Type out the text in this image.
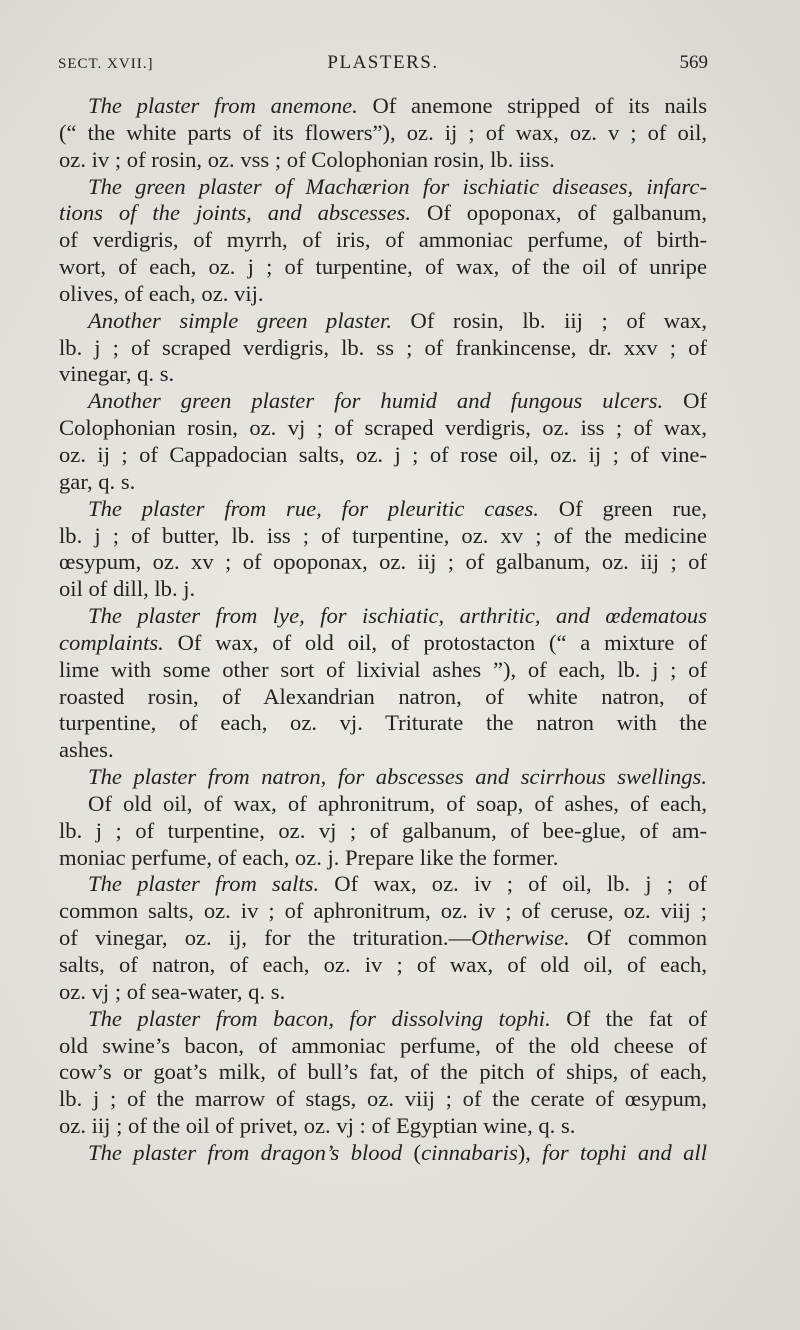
SECT. XVII.]	PLASTERS.	569
The plaster from anemone. Of anemone stripped of its nails
(“ the white parts of its flowers”), oz. ij ; of wax, oz. v ; of oil,
oz. iv ; of rosin, oz. vss ; of Colophonian rosin, lb. iiss.
The green plaster of Machærion for ischiatic diseases, infarc-
tions of the joints, and abscesses. Of opoponax, of galbanum,
of verdigris, of myrrh, of iris, of ammoniac perfume, of birth-
wort, of each, oz. j ; of turpentine, of wax, of the oil of unripe
olives, of each, oz. vij.
Another simple green plaster. Of rosin, lb. iij ; of wax,
lb. j ; of scraped verdigris, lb. ss ; of frankincense, dr. xxv ; of
vinegar, q. s.
Another green plaster for humid and fungous ulcers. Of
Colophonian rosin, oz. vj ; of scraped verdigris, oz. iss ; of wax,
oz. ij ; of Cappadocian salts, oz. j ; of rose oil, oz. ij ; of vine-
gar, q. s.
The plaster from rue, for pleuritic cases. Of green rue,
lb. j ; of butter, lb. iss ; of turpentine, oz. xv ; of the medicine
œsypum, oz. xv ; of opoponax, oz. iij ; of galbanum, oz. iij ; of
oil of dill, lb. j.
The plaster from lye, for ischiatic, arthritic, and œdematous
complaints. Of wax, of old oil, of protostacton (“ a mixture of
lime with some other sort of lixivial ashes ”), of each, lb. j ; of
roasted rosin, of Alexandrian natron, of white natron, of
turpentine, of each, oz. vj. Triturate the natron with the
ashes.
The plaster from natron, for abscesses and scirrhous swellings.
Of old oil, of wax, of aphronitrum, of soap, of ashes, of each,
lb. j ; of turpentine, oz. vj ; of galbanum, of bee-glue, of am-
moniac perfume, of each, oz. j. Prepare like the former.
The plaster from salts. Of wax, oz. iv ; of oil, lb. j ; of
common salts, oz. iv ; of aphronitrum, oz. iv ; of ceruse, oz. viij ;
of vinegar, oz. ij, for the trituration.—Otherwise. Of common
salts, of natron, of each, oz. iv ; of wax, of old oil, of each,
oz. vj ; of sea-water, q. s.
The plaster from bacon, for dissolving tophi. Of the fat of
old swine’s bacon, of ammoniac perfume, of the old cheese of
cow’s or goat’s milk, of bull’s fat, of the pitch of ships, of each,
lb. j ; of the marrow of stags, oz. viij ; of the cerate of œsypum,
oz. iij ; of the oil of privet, oz. vj : of Egyptian wine, q. s.
The plaster from dragon’s blood (cinnabaris), for tophi and all
